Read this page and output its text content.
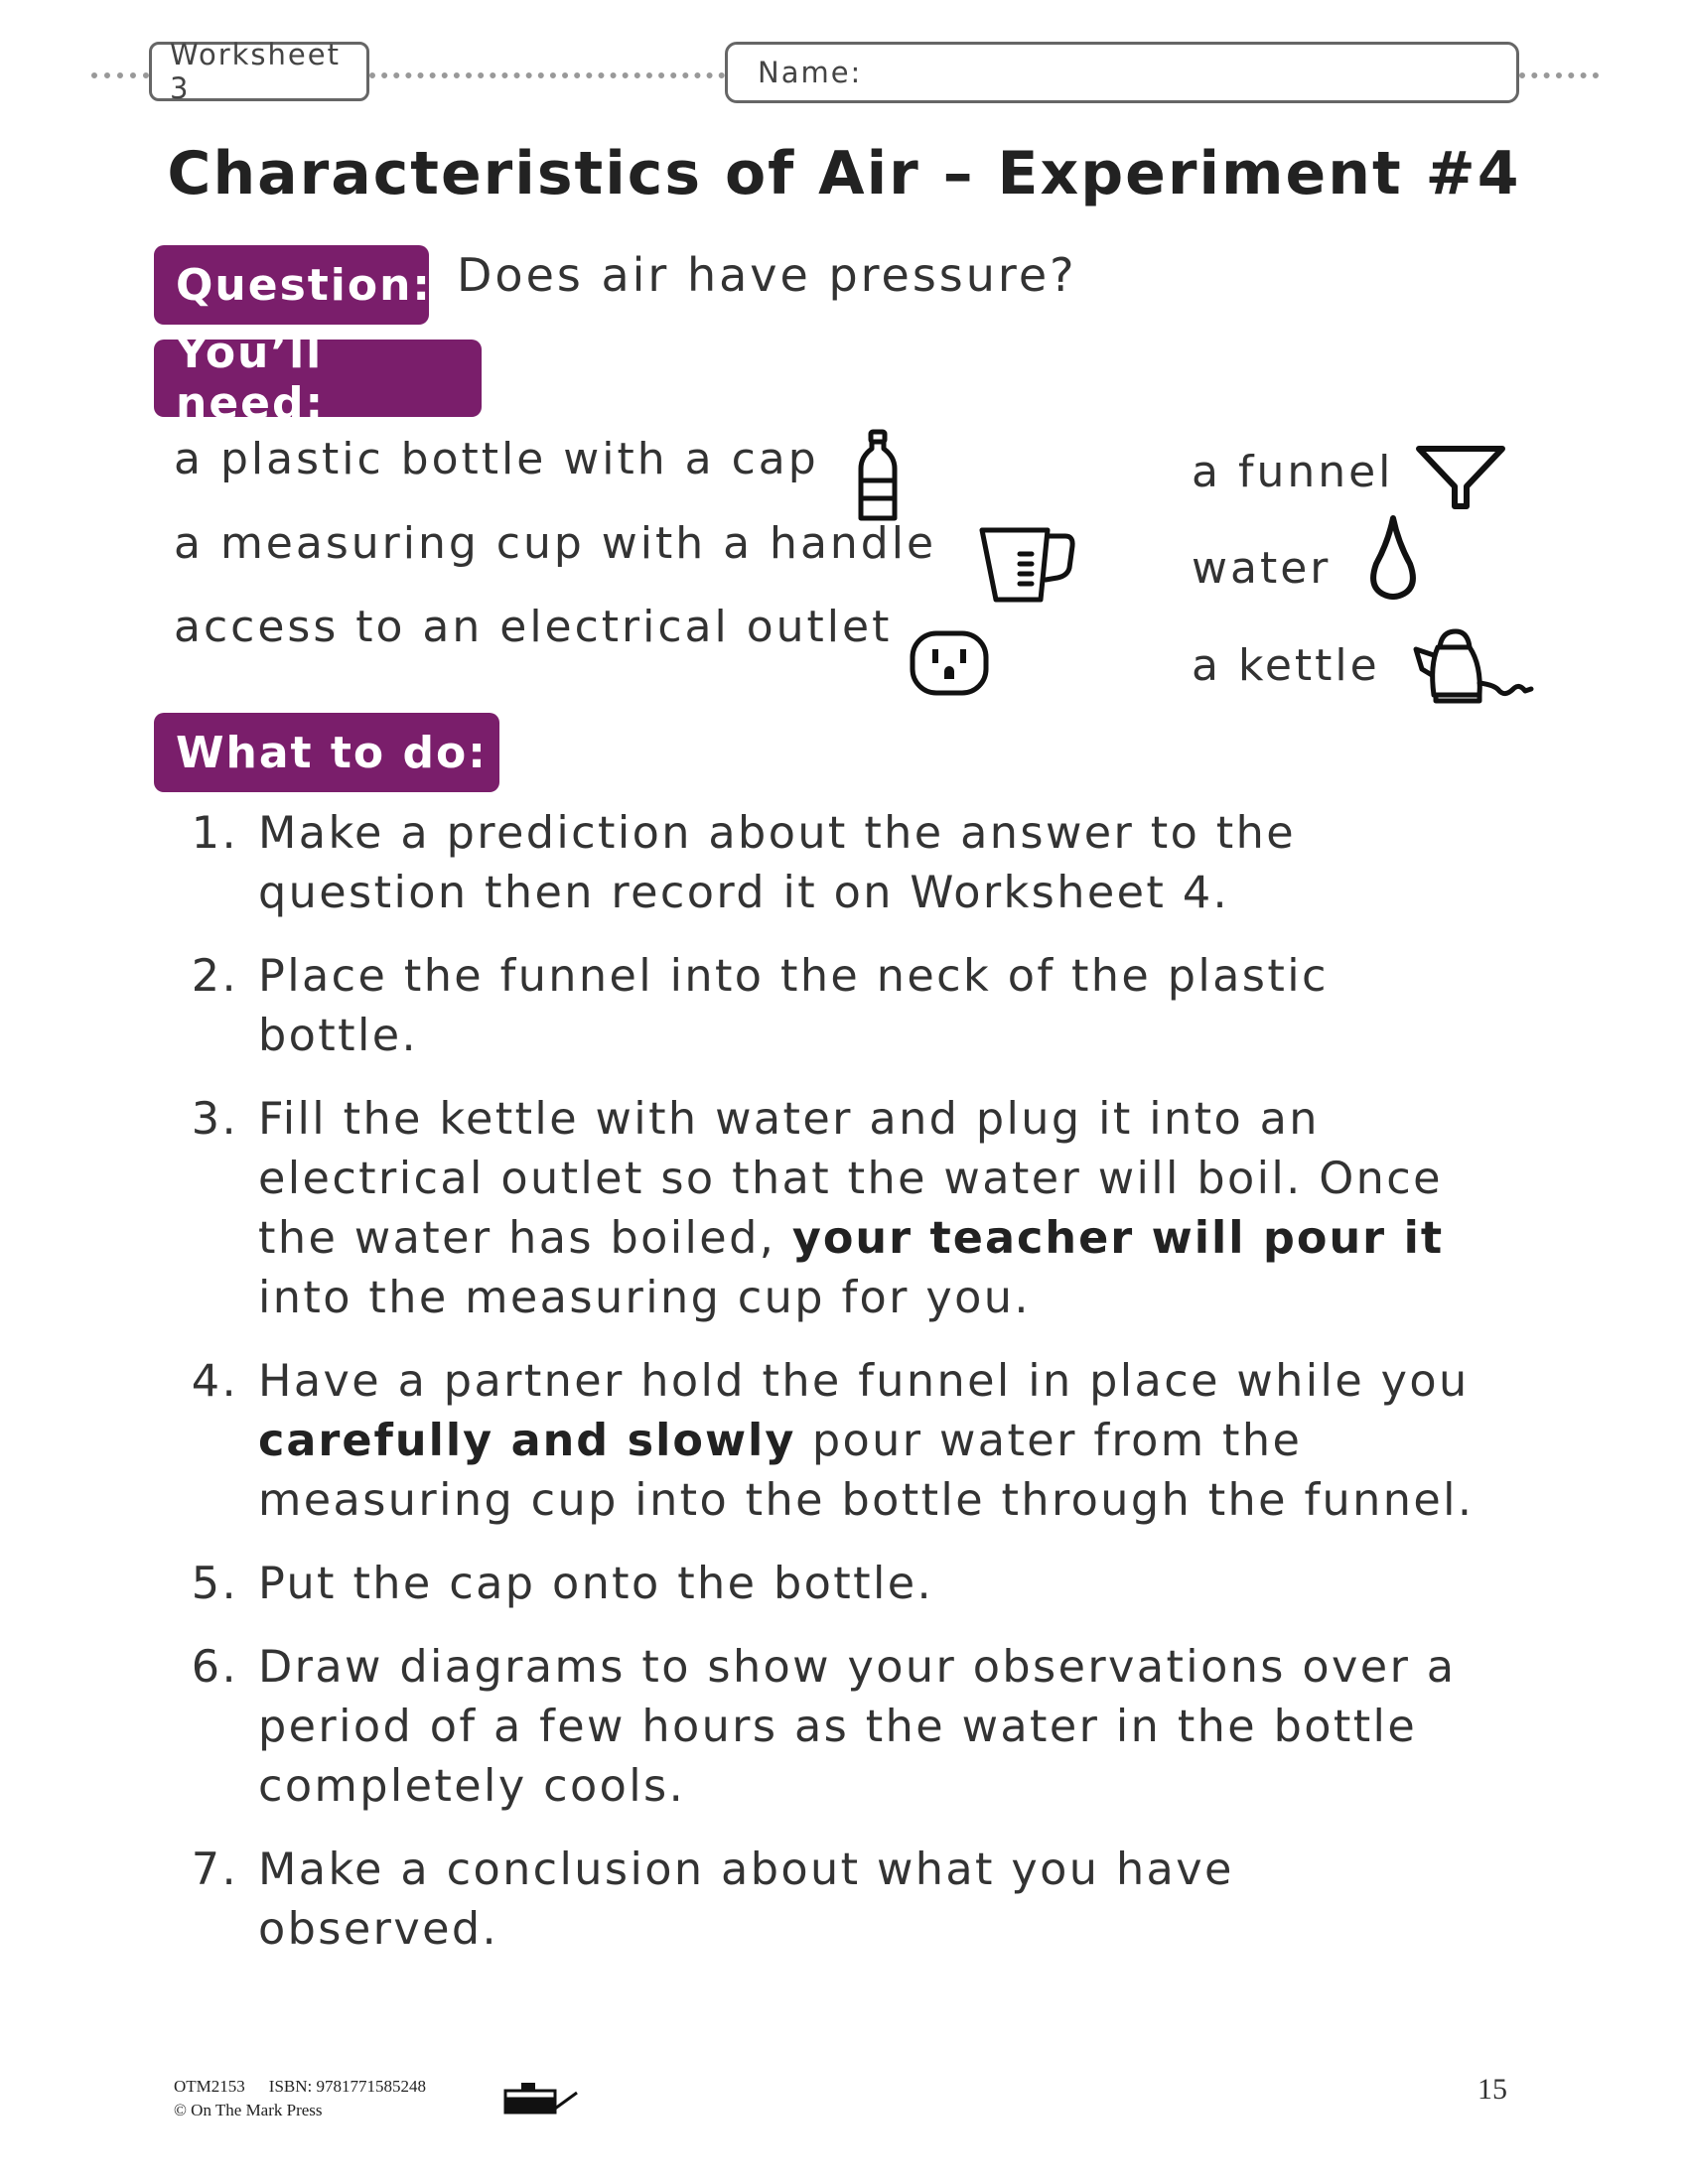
Worksheet 3	Name:
Characteristics of Air – Experiment #4
Question: Does air have pressure?
You’ll need:
a plastic bottle with a cap
a measuring cup with a handle
access to an electrical outlet
a funnel
water
a kettle
What to do:
1. Make a prediction about the answer to the question then record it on Worksheet 4.
2. Place the funnel into the neck of the plastic bottle.
3. Fill the kettle with water and plug it into an electrical outlet so that the water will boil. Once the water has boiled, your teacher will pour it into the measuring cup for you.
4. Have a partner hold the funnel in place while you carefully and slowly pour water from the measuring cup into the bottle through the funnel.
5. Put the cap onto the bottle.
6. Draw diagrams to show your observations over a period of a few hours as the water in the bottle completely cools.
7. Make a conclusion about what you have observed.
OTM2153 ISBN: 9781771585248
© On The Mark Press
15
